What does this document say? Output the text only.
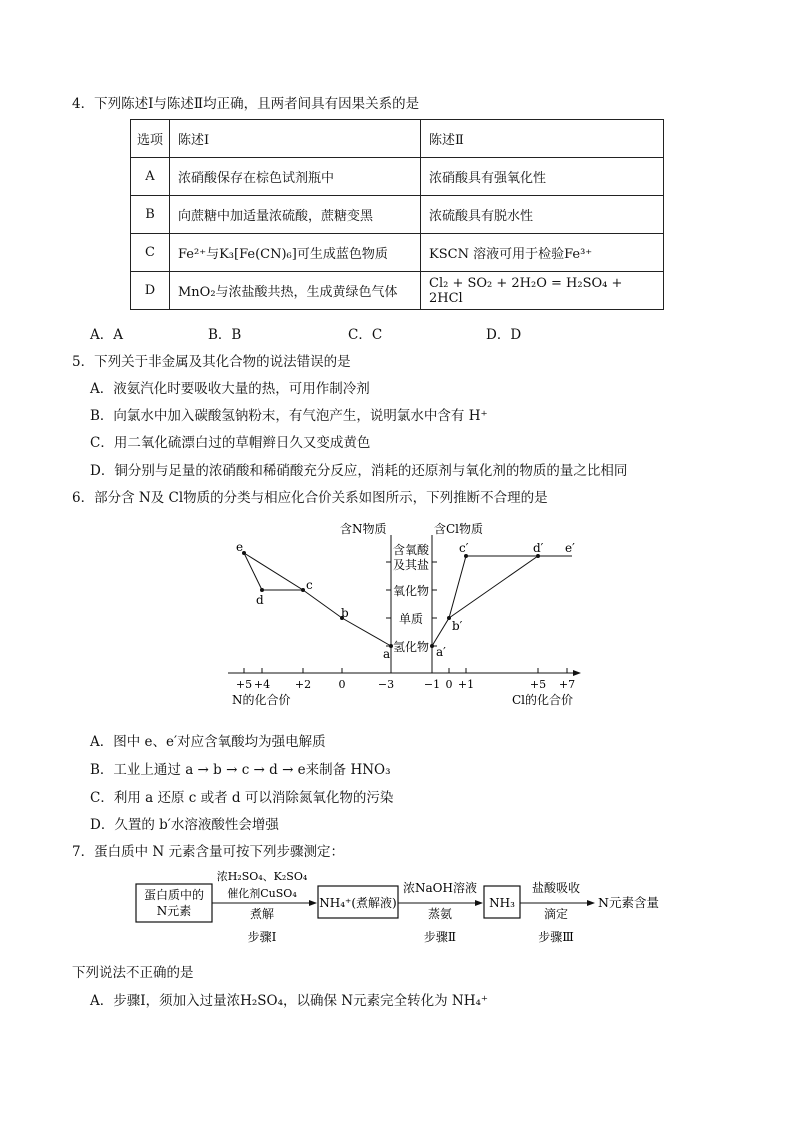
4．下列陈述Ⅰ与陈述Ⅱ均正确，且两者间具有因果关系的是
选项	陈述Ⅰ	陈述Ⅱ
A	浓硝酸保存在棕色试剂瓶中	浓硝酸具有强氧化性
B	向蔗糖中加适量浓硫酸，蔗糖变黑	浓硫酸具有脱水性
C	Fe²⁺与K₃[Fe(CN)₆]可生成蓝色物质	KSCN 溶液可用于检验Fe³⁺
D	MnO₂与浓盐酸共热，生成黄绿色气体	Cl₂ + SO₂ + 2H₂O = H₂SO₄ + 2HCl
A．A	B．B	C．C	D．D
5．下列关于非金属及其化合物的说法错误的是
A．液氨汽化时要吸收大量的热，可用作制冷剂
B．向氯水中加入碳酸氢钠粉末，有气泡产生，说明氯水中含有 H⁺
C．用二氧化硫漂白过的草帽辫日久又变成黄色
D．铜分别与足量的浓硝酸和稀硝酸充分反应，消耗的还原剂与氧化剂的物质的量之比相同
6．部分含 N及 Cl物质的分类与相应化合价关系如图所示，下列推断不合理的是
含N物质	含Cl物质
含氧酸
及其盐
氧化物
单质
氢化物
+5 +4 +2 0	−3	−1 0 +1	+5 +7
N的化合价	Cl的化合价
e
d
c
b
a	a′
b′
c′	d′ e′
蛋白质中的
N元素
浓H₂SO₄、K₂SO₄
催化剂CuSO₄
煮解
步骤Ⅰ
NH₄⁺(煮解液)
浓NaOH溶液
蒸氨
步骤Ⅱ
NH₃
盐酸吸收
滴定
步骤Ⅲ
N元素含量
A．图中 e、e′对应含氧酸均为强电解质
B．工业上通过 a → b → c → d → e来制备 HNO₃
C．利用 a 还原 c 或者 d 可以消除氮氧化物的污染
D．久置的 b′水溶液酸性会增强
7．蛋白质中 N 元素含量可按下列步骤测定：
下列说法不正确的是
A．步骤Ⅰ，须加入过量浓H₂SO₄，以确保 N元素完全转化为 NH₄⁺
